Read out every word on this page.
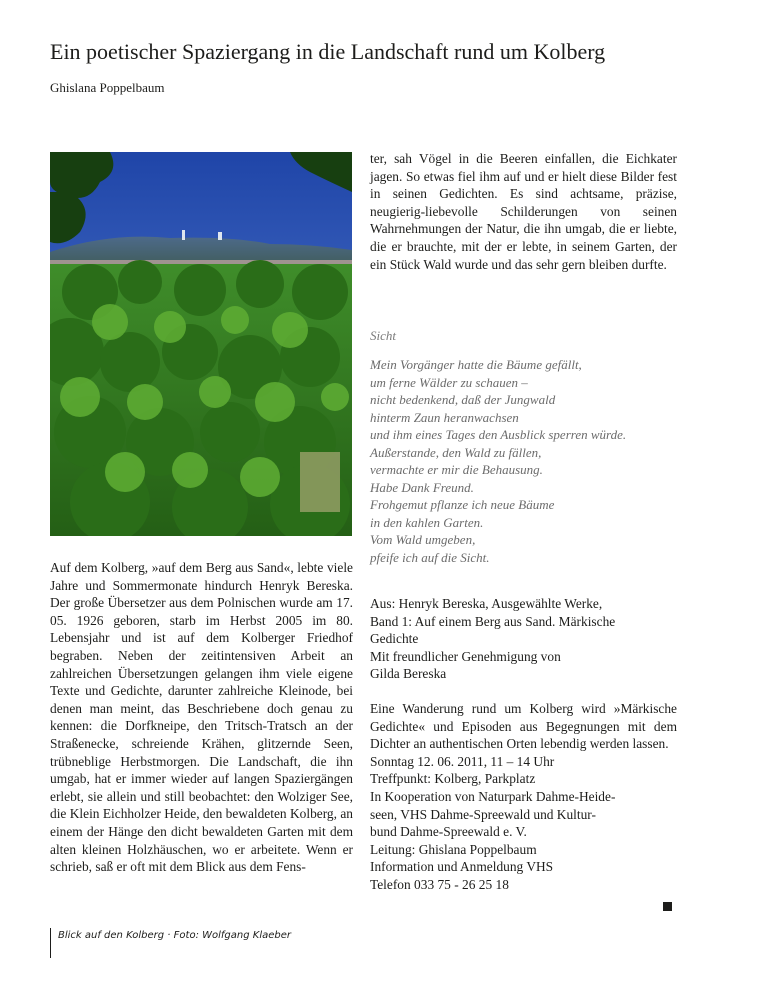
Ein poetischer Spaziergang in die Landschaft rund um Kolberg
Ghislana Poppelbaum

Auf dem Kolberg, »auf dem Berg aus Sand«, lebte viele Jahre und Sommermonate hindurch Henryk Bereska. Der große Übersetzer aus dem Polnischen wurde am 17. 05. 1926 geboren, starb im Herbst 2005 im 80. Lebensjahr und ist auf dem Kolberger Friedhof begraben. Neben der zeitintensiven Arbeit an zahlreichen Übersetzungen gelangen ihm viele eigene Texte und Gedichte, darunter zahlreiche Kleinode, bei denen man meint, das Beschriebene doch genau zu kennen: die Dorfkneipe, den Tritsch-Tratsch an der Straßenecke, schreiende Krähen, glitzernde Seen, trübneblige Herbstmorgen. Die Landschaft, die ihn umgab, hat er immer wieder auf langen Spaziergängen erlebt, sie allein und still beobachtet: den Wolziger See, die Klein Eichholzer Heide, den bewaldeten Kolberg, an einem der Hänge den dicht bewaldeten Garten mit dem alten kleinen Holzhäuschen, wo er arbeitete. Wenn er schrieb, saß er oft mit dem Blick aus dem Fens-

ter, sah Vögel in die Beeren einfallen, die Eichkater jagen. So etwas fiel ihm auf und er hielt diese Bilder fest in seinen Gedichten. Es sind achtsame, präzise, neugierig-liebevolle Schilderungen von seinen Wahrnehmungen der Natur, die ihn umgab, die er liebte, die er brauchte, mit der er lebte, in seinem Garten, der ein Stück Wald wurde und das sehr gern bleiben durfte.

Sicht
Mein Vorgänger hatte die Bäume gefällt,
um ferne Wälder zu schauen –
nicht bedenkend, daß der Jungwald
hinterm Zaun heranwachsen
und ihm eines Tages den Ausblick sperren würde.
Außerstande, den Wald zu fällen,
vermachte er mir die Behausung.
Habe Dank Freund.
Frohgemut pflanze ich neue Bäume
in den kahlen Garten.
Vom Wald umgeben,
pfeife ich auf die Sicht.
Aus: Henryk Bereska, Ausgewählte Werke,
Band 1: Auf einem Berg aus Sand. Märkische
Gedichte
Mit freundlicher Genehmigung von
Gilda Bereska

Eine Wanderung rund um Kolberg wird »Märkische Gedichte« und Episoden aus Begegnungen mit dem Dichter an authentischen Orten lebendig werden lassen.

Sonntag 12. 06. 2011, 11 – 14 Uhr
Treffpunkt: Kolberg, Parkplatz
In Kooperation von Naturpark Dahme-Heide-
seen, VHS Dahme-Spreewald und Kultur-
bund Dahme-Spreewald e. V.
Leitung: Ghislana Poppelbaum
Information und Anmeldung VHS
Telefon 033 75 - 26 25 18
Blick auf den Kolberg · Foto: Wolfgang Klaeber
